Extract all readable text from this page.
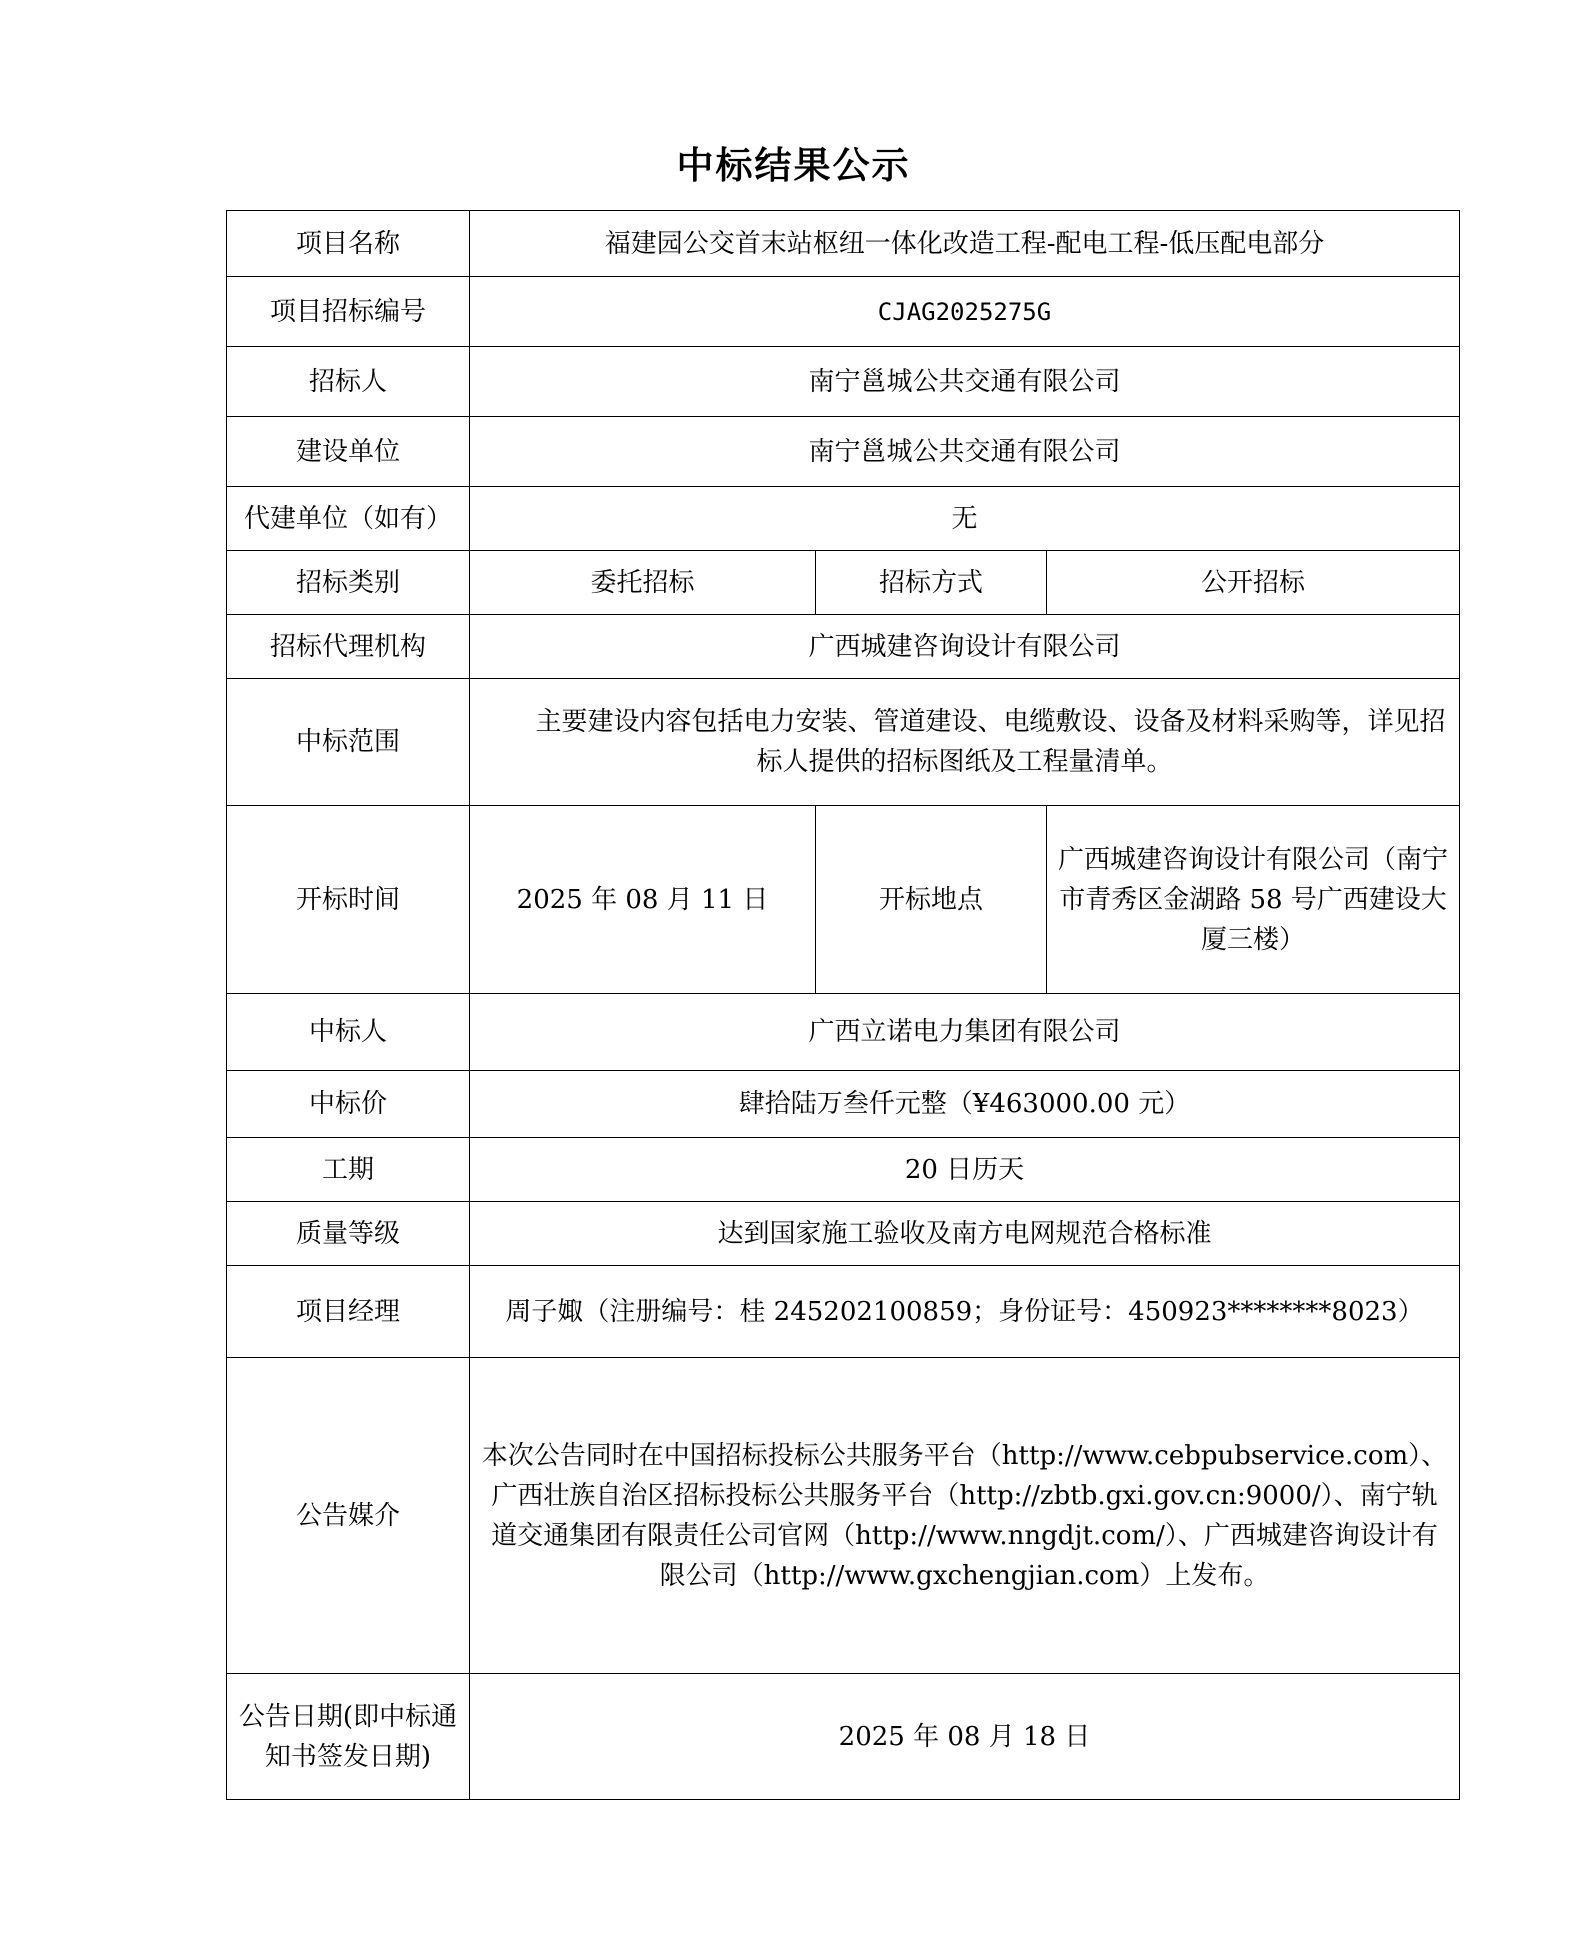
中标结果公示
项目名称	福建园公交首末站枢纽一体化改造工程-配电工程-低压配电部分		
项目招标编号	CJAG2025275G		
招标人	南宁邕城公共交通有限公司		
建设单位	南宁邕城公共交通有限公司		
代建单位（如有）	无		
招标类别	委托招标	招标方式	公开招标
招标代理机构	广西城建咨询设计有限公司		
中标范围	主要建设内容包括电力安装、管道建设、电缆敷设、设备及材料采购等，详见招标人提供的招标图纸及工程量清单。		
开标时间	2025 年 08 月 11 日	开标地点	广西城建咨询设计有限公司（南宁市青秀区金湖路 58 号广西建设大厦三楼）
中标人	广西立诺电力集团有限公司		
中标价	肆拾陆万叁仟元整（¥463000.00 元）		
工期	20 日历天		
质量等级	达到国家施工验收及南方电网规范合格标准		
项目经理	周子娵（注册编号：桂 245202100859；身份证号：450923********8023）		
公告媒介	本次公告同时在中国招标投标公共服务平台（http://www.cebpubservice.com）、广西壮族自治区招标投标公共服务平台（http://zbtb.gxi.gov.cn:9000/）、南宁轨道交通集团有限责任公司官网（http://www.nngdjt.com/）、广西城建咨询设计有限公司（http://www.gxchengjian.com）上发布。		
公告日期(即中标通知书签发日期)	2025 年 08 月 18 日		
